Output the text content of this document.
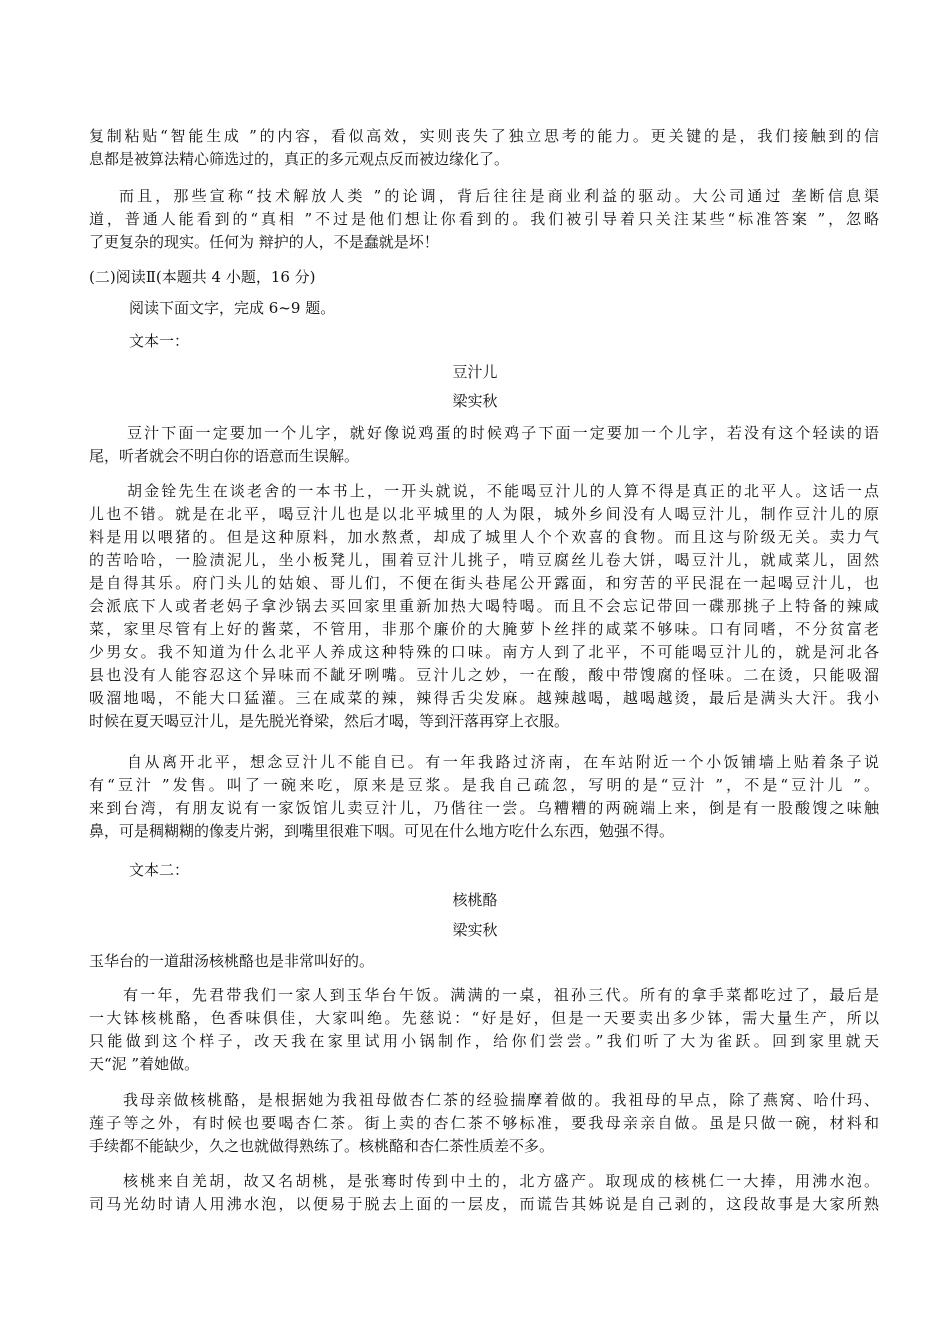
复制粘贴“智能生成 ”的内容，看似高效，实则丧失了独立思考的能力。更关键的是，我们接触到的信
息都是被算法精心筛选过的，真正的多元观点反而被边缘化了。
而且，那些宣称“技术解放人类 ”的论调，背后往往是商业利益的驱动。大公司通过 垄断信息渠
道，普通人能看到的“真相 ”不过是他们想让你看到的。我们被引导着只关注某些“标准答案 ”，忽略
了更复杂的现实。任何为 辩护的人，不是蠢就是坏！
(二)阅读Ⅱ(本题共 4 小题，16 分)
阅读下面文字，完成 6~9 题。
文本一：
豆汁儿
梁实秋
豆汁下面一定要加一个儿字，就好像说鸡蛋的时候鸡子下面一定要加一个儿字，若没有这个轻读的语
尾，听者就会不明白你的语意而生误解。
胡金铨先生在谈老舍的一本书上，一开头就说，不能喝豆汁儿的人算不得是真正的北平人。这话一点
儿也不错。就是在北平，喝豆汁儿也是以北平城里的人为限，城外乡间没有人喝豆汁儿，制作豆汁儿的原
料是用以喂猪的。但是这种原料，加水熬煮，却成了城里人个个欢喜的食物。而且这与阶级无关。卖力气
的苦哈哈，一脸渍泥儿，坐小板凳儿，围着豆汁儿挑子，啃豆腐丝儿卷大饼，喝豆汁儿，就咸菜儿，固然
是自得其乐。府门头儿的姑娘、哥儿们，不便在街头巷尾公开露面，和穷苦的平民混在一起喝豆汁儿，也
会派底下人或者老妈子拿沙锅去买回家里重新加热大喝特喝。而且不会忘记带回一碟那挑子上特备的辣咸
菜，家里尽管有上好的酱菜，不管用，非那个廉价的大腌萝卜丝拌的咸菜不够味。口有同嗜，不分贫富老
少男女。我不知道为什么北平人养成这种特殊的口味。南方人到了北平，不可能喝豆汁儿的，就是河北各
县也没有人能容忍这个异味而不龇牙咧嘴。豆汁儿之妙，一在酸，酸中带馊腐的怪味。二在烫，只能吸溜
吸溜地喝，不能大口猛灌。三在咸菜的辣，辣得舌尖发麻。越辣越喝，越喝越烫，最后是满头大汗。我小
时候在夏天喝豆汁儿，是先脱光脊梁，然后才喝，等到汗落再穿上衣服。
自从离开北平，想念豆汁儿不能自已。有一年我路过济南，在车站附近一个小饭铺墙上贴着条子说
有“豆汁 ”发售。叫了一碗来吃，原来是豆浆。是我自己疏忽，写明的是“豆汁 ”，不是“豆汁儿 ”。
来到台湾，有朋友说有一家饭馆儿卖豆汁儿，乃偕往一尝。乌糟糟的两碗端上来，倒是有一股酸馊之味触
鼻，可是稠糊糊的像麦片粥，到嘴里很难下咽。可见在什么地方吃什么东西，勉强不得。
文本二：
核桃酪
梁实秋
玉华台的一道甜汤核桃酪也是非常叫好的。
有一年，先君带我们一家人到玉华台午饭。满满的一桌，祖孙三代。所有的拿手菜都吃过了，最后是
一大钵核桃酪，色香味俱佳，大家叫绝。先慈说：“好是好，但是一天要卖出多少钵，需大量生产，所以
只能做到这个样子，改天我在家里试用小锅制作，给你们尝尝。”我们听了大为雀跃。回到家里就天
天“泥 ”着她做。
我母亲做核桃酪，是根据她为我祖母做杏仁茶的经验揣摩着做的。我祖母的早点，除了燕窝、哈什玛、
莲子等之外，有时候也要喝杏仁茶。街上卖的杏仁茶不够标准，要我母亲亲自做。虽是只做一碗，材料和
手续都不能缺少，久之也就做得熟练了。核桃酪和杏仁茶性质差不多。
核桃来自羌胡，故又名胡桃，是张骞时传到中土的，北方盛产。取现成的核桃仁一大捧，用沸水泡。
司马光幼时请人用沸水泡，以便易于脱去上面的一层皮，而谎告其姊说是自己剥的，这段故事是大家所熟
